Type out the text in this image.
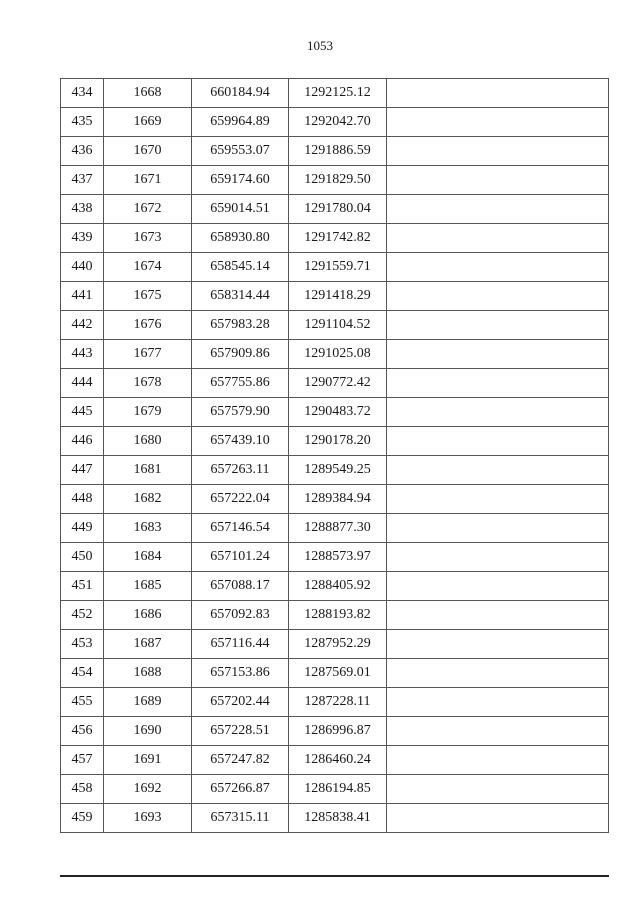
1053
434	1668	660184.94	1292125.12	
435	1669	659964.89	1292042.70	
436	1670	659553.07	1291886.59	
437	1671	659174.60	1291829.50	
438	1672	659014.51	1291780.04	
439	1673	658930.80	1291742.82	
440	1674	658545.14	1291559.71	
441	1675	658314.44	1291418.29	
442	1676	657983.28	1291104.52	
443	1677	657909.86	1291025.08	
444	1678	657755.86	1290772.42	
445	1679	657579.90	1290483.72	
446	1680	657439.10	1290178.20	
447	1681	657263.11	1289549.25	
448	1682	657222.04	1289384.94	
449	1683	657146.54	1288877.30	
450	1684	657101.24	1288573.97	
451	1685	657088.17	1288405.92	
452	1686	657092.83	1288193.82	
453	1687	657116.44	1287952.29	
454	1688	657153.86	1287569.01	
455	1689	657202.44	1287228.11	
456	1690	657228.51	1286996.87	
457	1691	657247.82	1286460.24	
458	1692	657266.87	1286194.85	
459	1693	657315.11	1285838.41	
